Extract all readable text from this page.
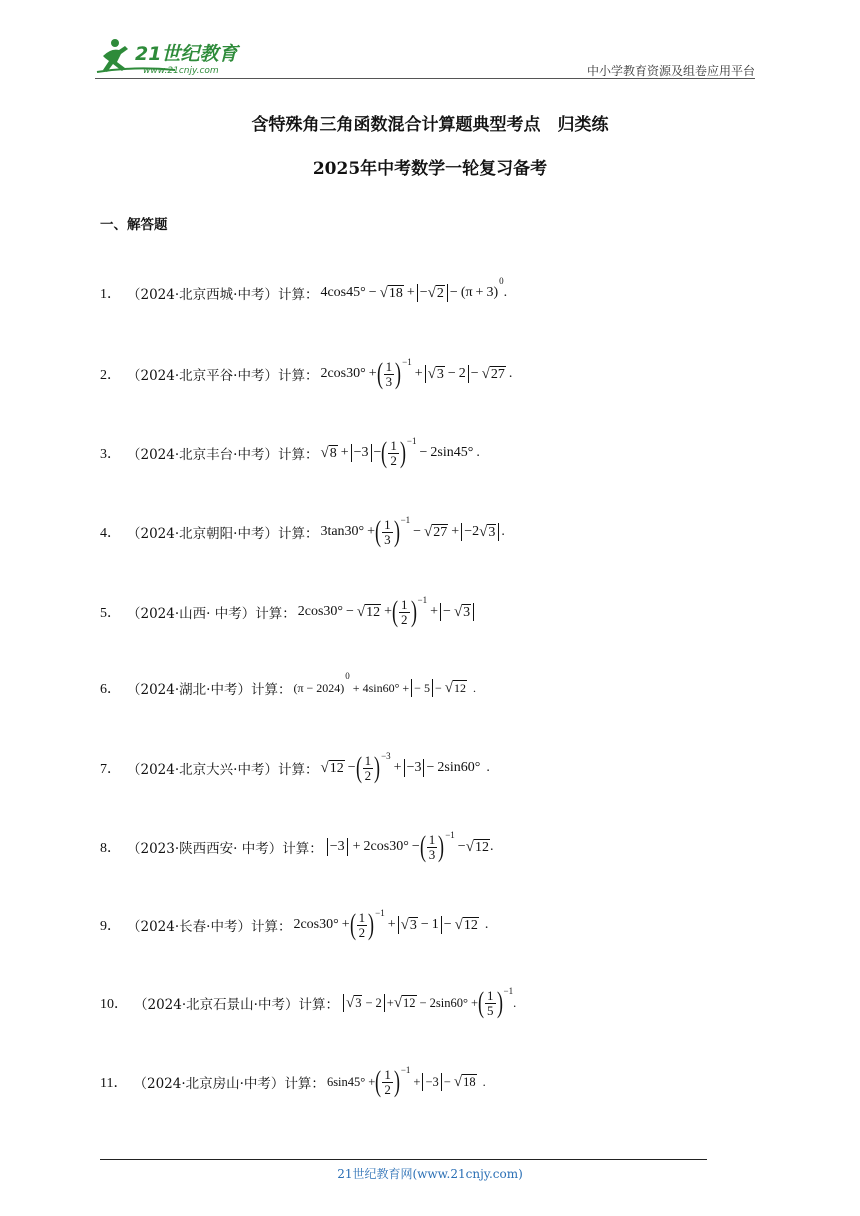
21世纪教育
www.21cnjy.com	中小学教育资源及组卷应用平台
含特殊角三角函数混合计算题典型考点　归类练
2025年中考数学一轮复习备考
一、解答题
1． （2024·北京西城·中考） 计算： 4cos45° − √ 18 + − √ 2 − (π + 3)
0
.
2． （2024·北京平谷·中考） 计算： 2cos30° + ( $\frac{1}{3}$ ) −1
+ √ 3 − 2 − √ 27 .
3． （2024·北京丰台·中考） 计算： √ 8 + −3 − ( $\frac{1}{2}$ ) −1
− 2sin45° .
4． （2024·北京朝阳·中考） 计算： 3tan30° + ( $\frac{1}{3}$ ) −1
− √ 27 + −2 √ 3 .
5． （2024·山西· 中考） 计算： 2cos30° − √ 12 + ( $\frac{1}{2}$ ) −1
+ − √ 3
6． （2024·湖北·中考） 计算： (π − 2024)
0
+ 4sin60° + − 5 − √ 12 .
7． （2024·北京大兴·中考） 计算： √ 12 − ( $\frac{1}{2}$ ) −3
+ −3 − 2sin60° .
8． （2023·陕西西安· 中考） 计算： −3 + 2cos30° − ( $\frac{1}{3}$ ) −1
− √ 12 .
9． （2024·长春·中考） 计算： 2cos30° + ( $\frac{1}{2}$ ) −1
+ √ 3 − 1 − √ 12 .
10． （2024·北京石景山·中考） 计算： √ 3 − 2 + √ 12 − 2sin60° + ( $\frac{1}{5}$ ) −1
.
11． （2024·北京房山·中考） 计算： 6sin45° + ( $\frac{1}{2}$ ) −1
+ −3 − √ 18 .
21世纪教育网(www.21cnjy.com)
